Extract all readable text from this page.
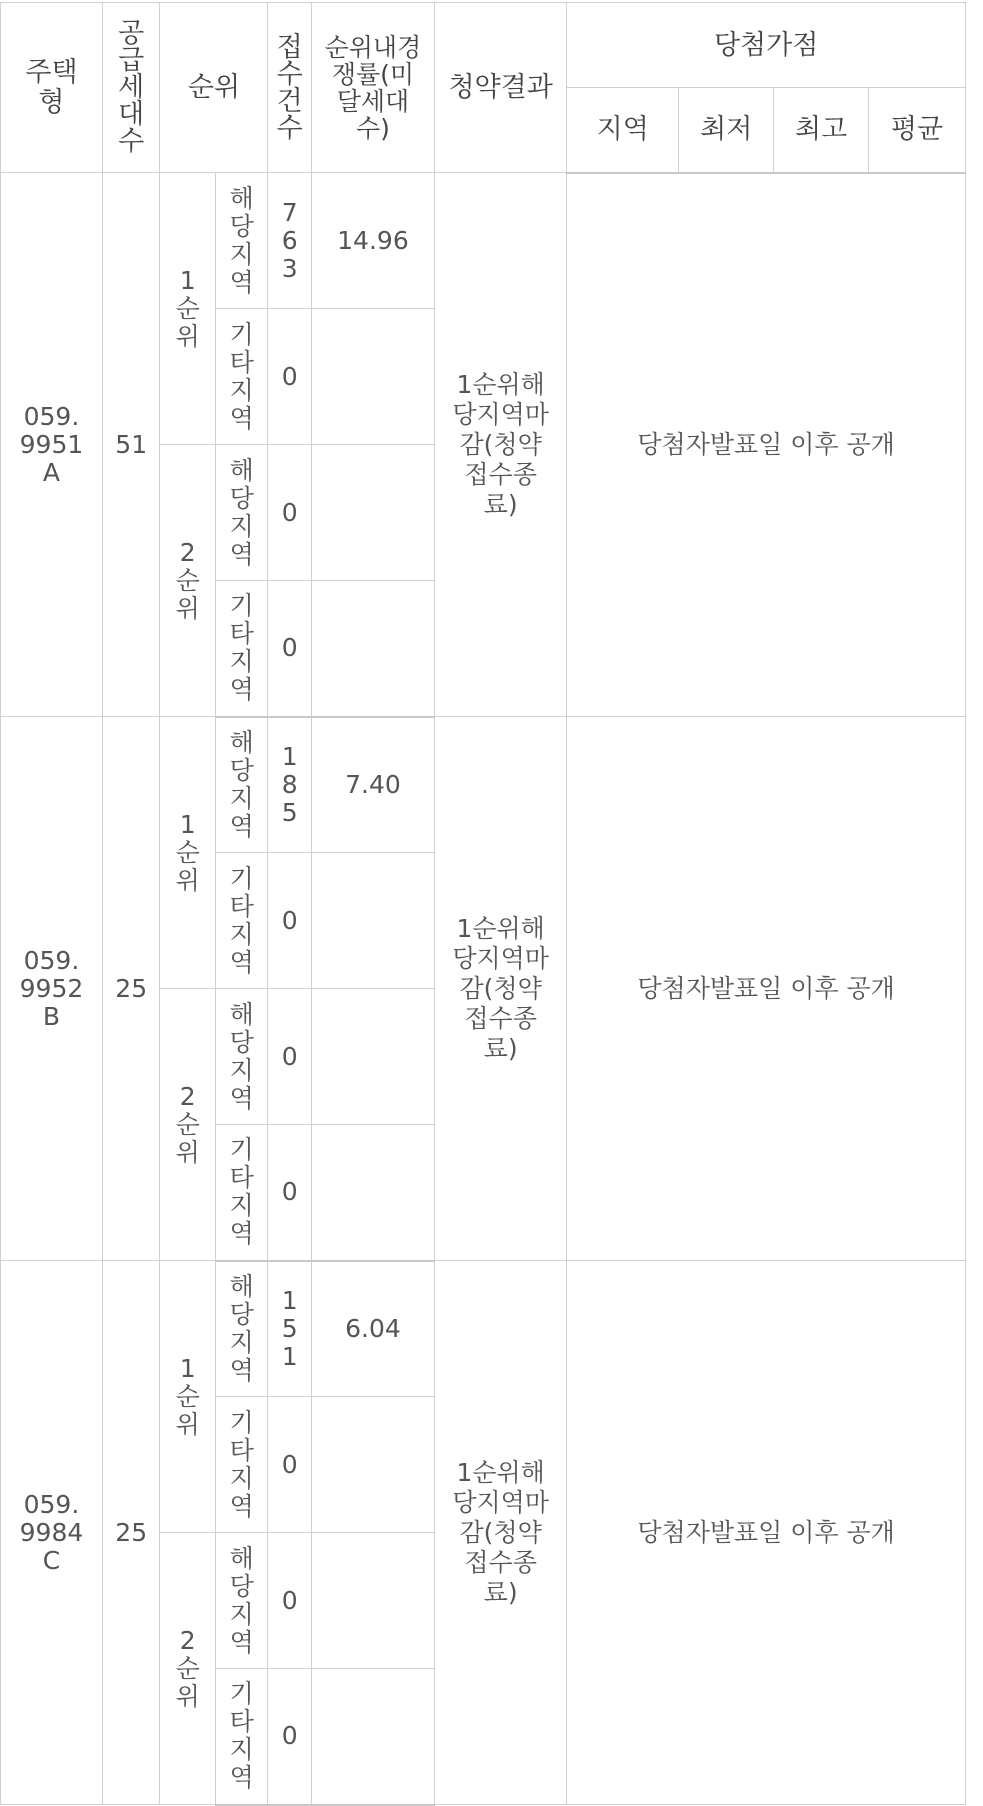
주택형	공급세대수	순위		접수건수	순위내경쟁률(미달세대수)	청약결과	당첨가점			
							지역	최저	최고	평균

059.9951A	51	1순위	해당지역	763	14.96	1순위해당지역마감(청약접수종료)	당첨자발표일 이후 공개			

			기타지역	0						

		2순위	해당지역	0						

			기타지역	0						

059.9952B	25	1순위	해당지역	185	7.40	1순위해당지역마감(청약접수종료)	당첨자발표일 이후 공개			

			기타지역	0						

		2순위	해당지역	0						

			기타지역	0						

059.9984C	25	1순위	해당지역	151	6.04	1순위해당지역마감(청약접수종료)	당첨자발표일 이후 공개			

			기타지역	0						

		2순위	해당지역	0						

			기타지역	0						
